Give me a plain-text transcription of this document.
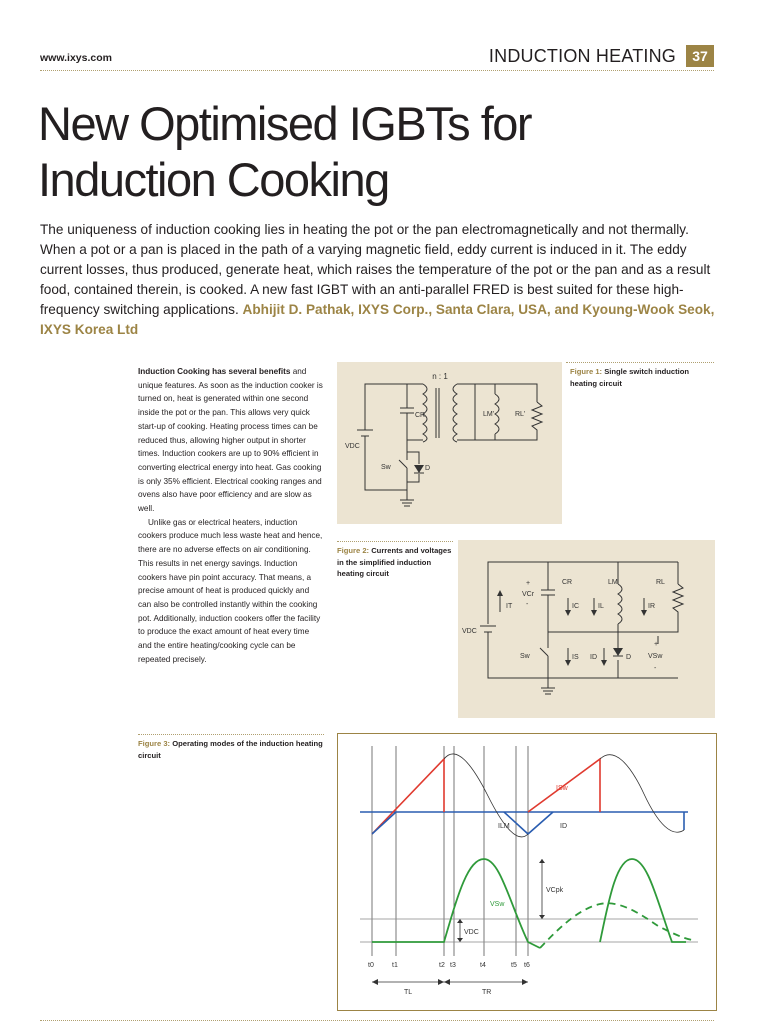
www.ixys.com	INDUCTION HEATING	37
New Optimised IGBTs for
Induction Cooking
The uniqueness of induction cooking lies in heating the pot or the pan electromagnetically and not thermally. When a pot or a pan is placed in the path of a varying magnetic field, eddy current is induced in it. The eddy current losses, thus produced, generate heat, which raises the temperature of the pot or the pan and as a result food, contained therein, is cooked. A new fast IGBT with an anti-parallel FRED is best suited for these high-frequency switching applications. Abhijit D. Pathak, IXYS Corp., Santa Clara, USA, and Kyoung-Wook Seok, IXYS Korea Ltd

Induction Cooking has several benefits and unique features. As soon as the induction cooker is turned on, heat is generated within one second inside the pot or the pan. This allows very quick start-up of cooking. Heating process times can be reduced thus, allowing higher output in shorter times. Induction cookers are up to 90% efficient in converting electrical energy into heat. Gas cooking is only 35% efficient. Electrical cooking ranges and ovens also have poor efficiency and are slow as well.

Unlike gas or electrical heaters, induction cookers produce much less waste heat and hence, there are no adverse effects on air conditioning. This results in net energy savings. Induction cookers have pin point accuracy. That means, a precise amount of heat is produced quickly and can also be controlled instantly within the cooking pot. Additionally, induction cookers offer the facility to produce the exact amount of heat every time and the entire heating/cooking cycle can be repeated precisely.

n : 1
CR	LM'	RL'
VDC
Sw	D
Figure 1: Single switch induction heating circuit
Figure 2: Currents and voltages in the simplified induction heating circuit
CR	LM	RL
+
VCr
-
IT	IC	IL	IR
VDC
Sw	IS ID	D
+
VSw
-
Figure 3: Operating modes of the induction heating circuit
ISw
ILM	ID
VCpk
VSw
VDC
t0	t1	t2 t3	t4	t5 t6
TL	TR
